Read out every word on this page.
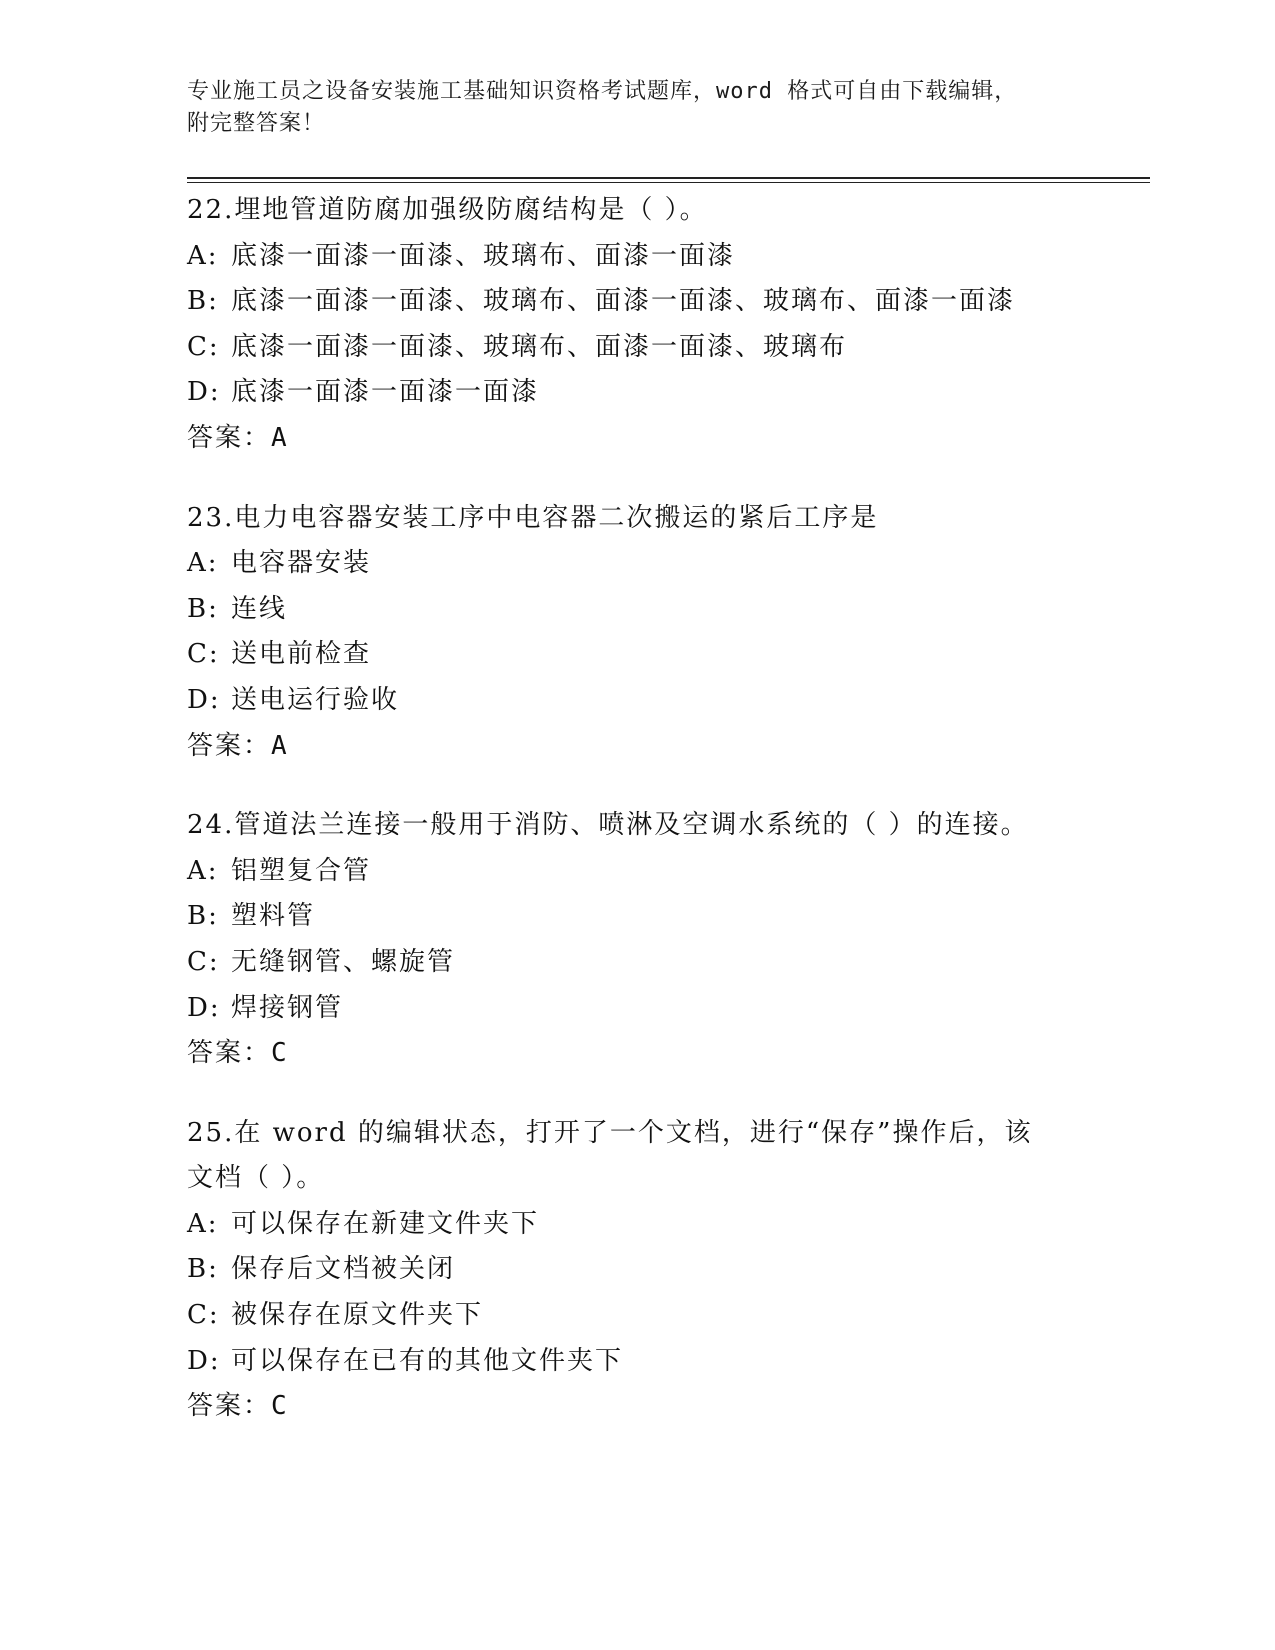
专业施工员之设备安装施工基础知识资格考试题库，word 格式可自由下载编辑，
附完整答案！
22.埋地管道防腐加强级防腐结构是（ ）。
A: 底漆一面漆一面漆、玻璃布、面漆一面漆
B: 底漆一面漆一面漆、玻璃布、面漆一面漆、玻璃布、面漆一面漆
C: 底漆一面漆一面漆、玻璃布、面漆一面漆、玻璃布
D: 底漆一面漆一面漆一面漆
答案：A
23.电力电容器安装工序中电容器二次搬运的紧后工序是
A: 电容器安装
B: 连线
C: 送电前检查
D: 送电运行验收
答案：A
24.管道法兰连接一般用于消防、喷淋及空调水系统的（ ）的连接。
A: 铝塑复合管
B: 塑料管
C: 无缝钢管、螺旋管
D: 焊接钢管
答案：C
25.在 word 的编辑状态，打开了一个文档，进行“保存”操作后，该文档（ ）。
A: 可以保存在新建文件夹下
B: 保存后文档被关闭
C: 被保存在原文件夹下
D: 可以保存在已有的其他文件夹下
答案：C
